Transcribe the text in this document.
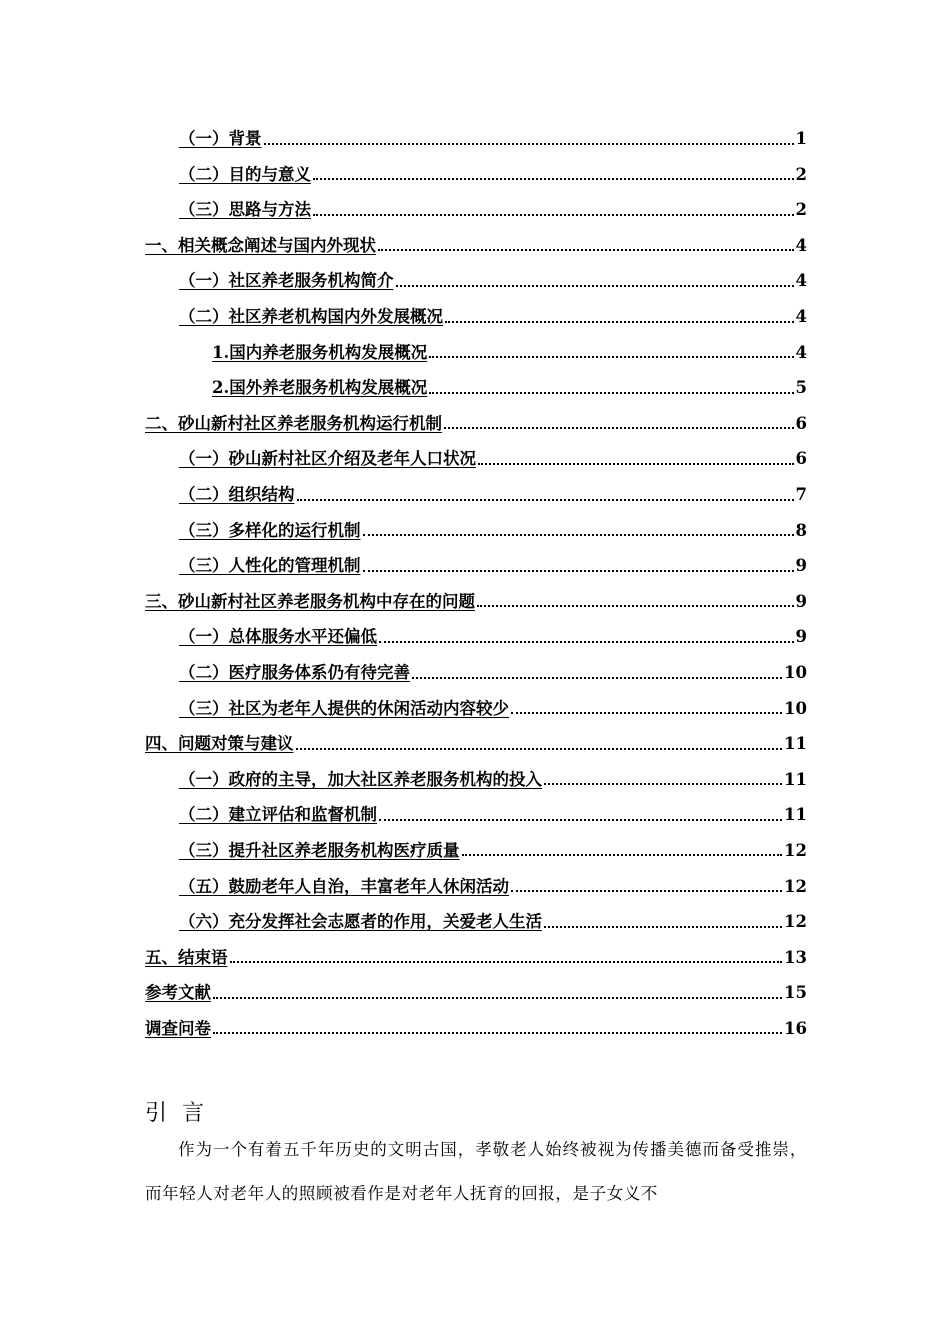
（一）背景	1
（二）目的与意义	2
（三）思路与方法	2
一、相关概念阐述与国内外现状	4
（一）社区养老服务机构简介	4
（二）社区养老机构国内外发展概况	4
1.国内养老服务机构发展概况	4
2.国外养老服务机构发展概况	5
二、砂山新村社区养老服务机构运行机制	6
（一）砂山新村社区介绍及老年人口状况	6
（二）组织结构	7
（三）多样化的运行机制	8
（三）人性化的管理机制	9
三、砂山新村社区养老服务机构中存在的问题	9
（一）总体服务水平还偏低	9
（二）医疗服务体系仍有待完善	10
（三）社区为老年人提供的休闲活动内容较少	10
四、问题对策与建议	11
（一）政府的主导，加大社区养老服务机构的投入	11
（二）建立评估和监督机制	11
（三）提升社区养老服务机构医疗质量	12
（五）鼓励老年人自治，丰富老年人休闲活动	12
（六）充分发挥社会志愿者的作用，关爱老人生活	12
五、结束语	13
参考文献	15
调查问卷	16
引 言

作为一个有着五千年历史的文明古国，孝敬老人始终被视为传播美德而备受推崇，而年轻人对老年人的照顾被看作是对老年人抚育的回报，是子女义不
